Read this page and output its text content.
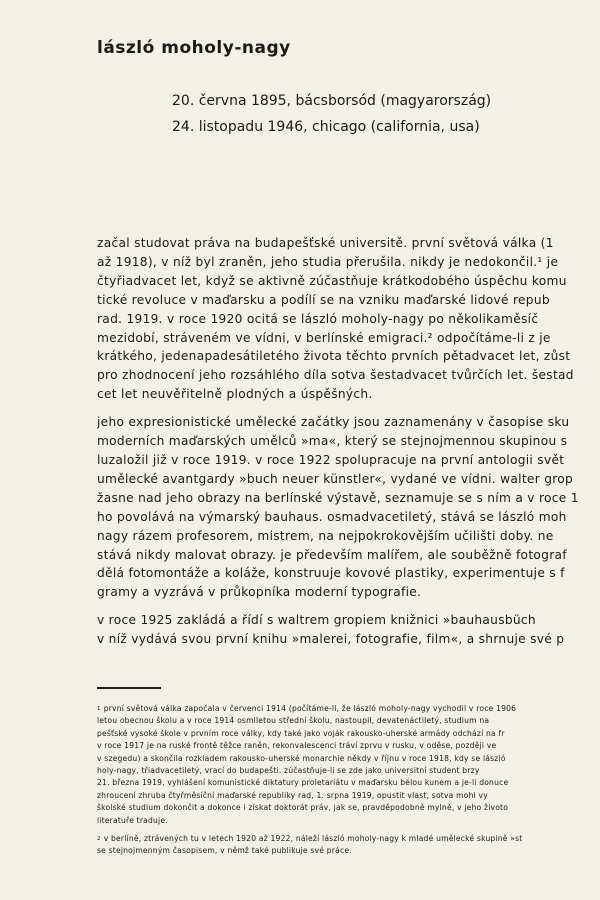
lászló moholy-nagy
20. června 1895, bácsborsód (magyarország)
24. listopadu 1946, chicago (california, usa)

začal studovat práva na budapešťské universitě. první světová válka (1
až 1918), v níž byl zraněn, jeho studia přerušila. nikdy je nedokončil.¹ je
čtyřiadvacet let, když se aktivně zúčastňuje krátkodobého úspěchu komu
tické revoluce v maďarsku a podílí se na vzniku maďarské lidové repub
rad. 1919. v roce 1920 ocitá se lászló moholy-nagy po několikaměsíč
mezidobí, stráveném ve vídni, v berlínské emigraci.² odpočítáme-li z je
krátkého, jedenapadesátiletého života těchto prvních pětadvacet let, zůst
pro zhodnocení jeho rozsáhlého díla sotva šestadvacet tvůrčích let. šestad
cet let neuvěřitelně plodných a úspěšných.

jeho expresionistické umělecké začátky jsou zaznamenány v časopise sku
moderních maďarských umělců »ma«, který se stejnojmennou skupinou s
luzaložil již v roce 1919. v roce 1922 spolupracuje na první antologii svět
umělecké avantgardy »buch neuer künstler«, vydané ve vídni. walter grop
žasne nad jeho obrazy na berlínské výstavě, seznamuje se s ním a v roce 1
ho povolává na výmarský bauhaus. osmadvacetiletý, stává se lászló moh
nagy rázem profesorem, mistrem, na nejpokrokovějším učilišti doby. ne
stává nikdy malovat obrazy. je především malířem, ale souběžně fotograf
dělá fotomontáže a koláže, konstruuje kovové plastiky, experimentuje s f
gramy a vyzrává v průkopníka moderní typografie.

v roce 1925 zakládá a řídí s waltrem gropiem knižnici »bauhausbüch
v níž vydává svou první knihu »malerei, fotografie, film«, a shrnuje své p

$^1$ první světová válka započala v červenci 1914 (počítáme-li, že lászló moholy-nagy vychodil v roce 1906
letou obecnou školu a v roce 1914 osmiletou střední školu, nastoupil, devatenáctiletý, studium na
pešťské vysoké škole v prvním roce války, kdy také jako voják rakousko-uherské armády odchází na fr
v roce 1917 je na ruské frontě těžce raněn, rekonvalescenci tráví zprvu v rusku, v oděse, později ve
v szegedu) a skončila rozkladem rakousko-uherské monarchie někdy v říjnu v roce 1918, kdy se lászló
holy-nagy, třiadvacetiletý, vrací do budapešti. zúčastňuje-li se zde jako universitní student brzy
21. března 1919, vyhlášení komunistické diktatury proletariátu v maďarsku bélou kunem a je-li donuce
zhroucení zhruba čtyřměsíční maďarské republiky rad, 1. srpna 1919, opustit vlast, sotva mohl vy
školské studium dokončit a dokonce i získat doktorát práv, jak se, pravděpodobně mylně, v jeho životo
literatuře traduje.
$^2$ v berlíně, ztrávených tu v letech 1920 až 1922, náleží lászló moholy-nagy k mladé umělecké skupině »st
se stejnojmenným časopisem, v němž také publikuje své práce.
